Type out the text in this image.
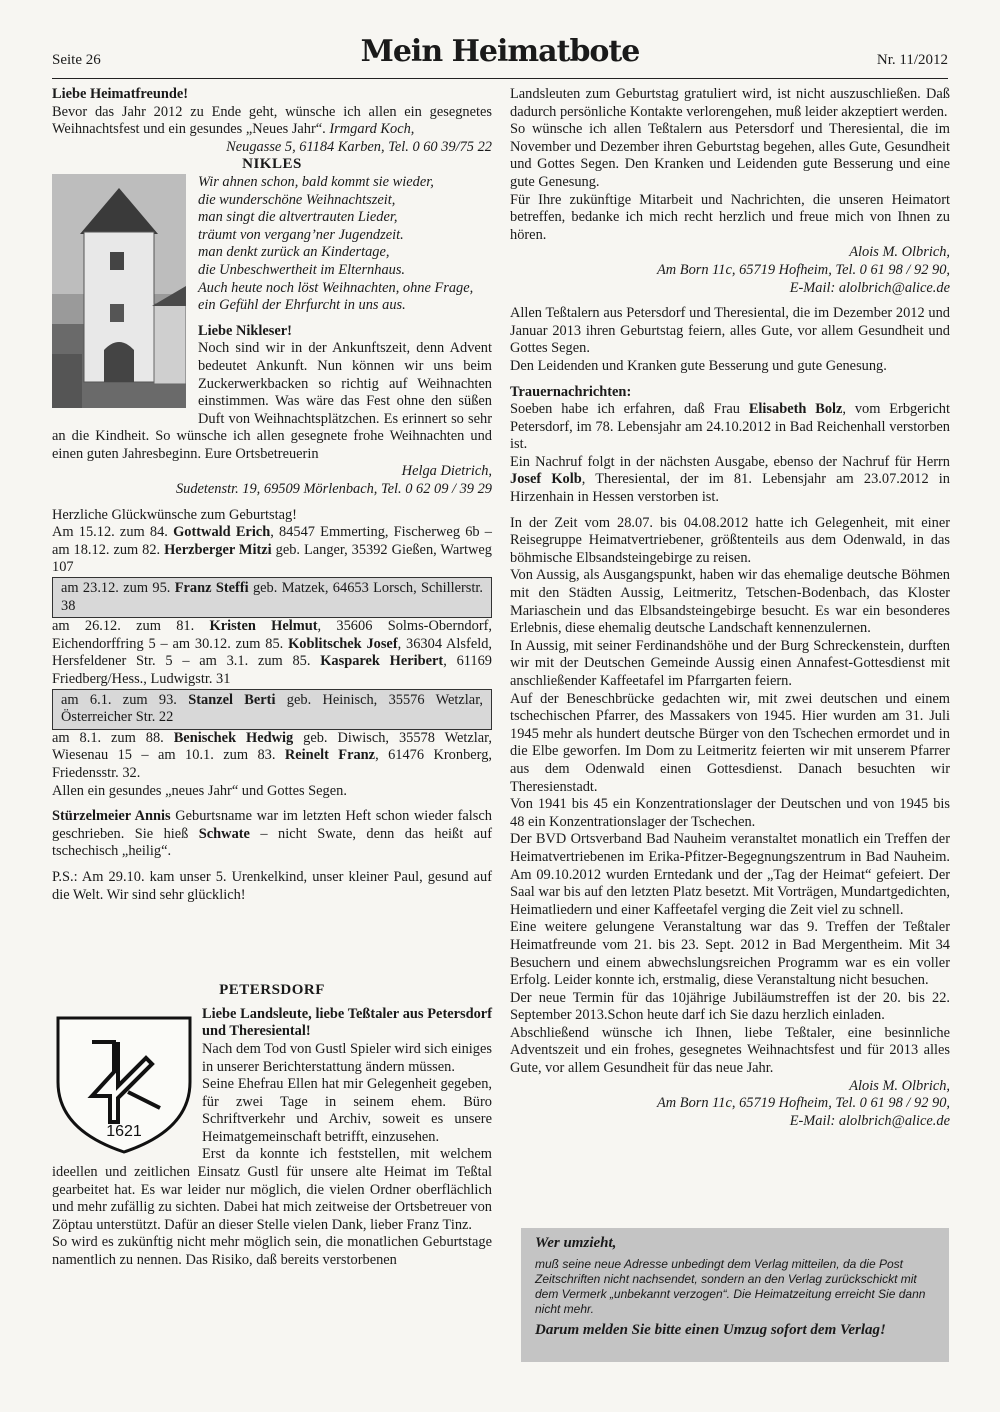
Seite 26	Mein Heimatbote	Nr. 11/2012

Liebe Heimatfreunde!

Bevor das Jahr 2012 zu Ende geht, wünsche ich allen ein gesegnetes Weihnachtsfest und ein gesundes „Neues Jahr“. Irmgard Koch,

Neugasse 5, 61184 Karben, Tel. 0 60 39/75 22

NIKLES

Wir ahnen schon, bald kommt sie wieder,
die wunderschöne Weihnachtszeit,
man singt die altvertrauten Lieder,
träumt von vergang’ner Jugendzeit.
man denkt zurück an Kindertage,
die Unbeschwertheit im Elternhaus.
Auch heute noch löst Weihnachten, ohne Frage,
ein Gefühl der Ehrfurcht in uns aus.

Liebe Nikleser!

Noch sind wir in der Ankunftszeit, denn Advent bedeutet Ankunft. Nun können wir uns beim Zuckerwerkbacken so richtig auf Weihnachten einstimmen. Was wäre das Fest ohne den süßen Duft von Weihnachtsplätzchen. Es erinnert so sehr an die Kindheit. So wünsche ich allen gesegnete frohe Weihnachten und einen guten Jahresbeginn. Eure Ortsbetreuerin

Helga Dietrich,

Sudetenstr. 19, 69509 Mörlenbach, Tel. 0 62 09 / 39 29

Herzliche Glückwünsche zum Geburtstag!

Am 15.12. zum 84. Gottwald Erich, 84547 Emmerting, Fischerweg 6b – am 18.12. zum 82. Herzberger Mitzi geb. Langer, 35392 Gießen, Wartweg 107

am 23.12. zum 95. Franz Steffi geb. Matzek, 64653 Lorsch, Schillerstr. 38

am 26.12. zum 81. Kristen Helmut, 35606 Solms-Oberndorf, Eichendorffring 5 – am 30.12. zum 85. Koblitschek Josef, 36304 Alsfeld, Hersfeldener Str. 5 – am 3.1. zum 85. Kasparek Heribert, 61169 Friedberg/Hess., Ludwigstr. 31

am 6.1. zum 93. Stanzel Berti geb. Heinisch, 35576 Wetzlar, Österreicher Str. 22

am 8.1. zum 88. Benischek Hedwig geb. Diwisch, 35578 Wetzlar, Wiesenau 15 – am 10.1. zum 83. Reinelt Franz, 61476 Kronberg, Friedensstr. 32.

Allen ein gesundes „neues Jahr“ und Gottes Segen.

Stürzelmeier Annis Geburtsname war im letzten Heft schon wieder falsch geschrieben. Sie hieß Schwate – nicht Swate, denn das heißt auf tschechisch „heilig“.

P.S.: Am 29.10. kam unser 5. Urenkelkind, unser kleiner Paul, gesund auf die Welt. Wir sind sehr glücklich!

PETERSDORF

1621

Liebe Landsleute, liebe Teßtaler aus Petersdorf und Theresiental!

Nach dem Tod von Gustl Spieler wird sich einiges in unserer Berichterstattung ändern müssen.

Seine Ehefrau Ellen hat mir Gelegenheit gegeben, für zwei Tage in seinem ehem. Büro Schriftverkehr und Archiv, soweit es unsere Heimatgemeinschaft betrifft, einzusehen.

Erst da konnte ich feststellen, mit welchem ideellen und zeitlichen Einsatz Gustl für unsere alte Heimat im Teßtal gearbeitet hat. Es war leider nur möglich, die vielen Ordner oberflächlich und mehr zufällig zu sichten. Dabei hat mich zeitweise der Ortsbetreuer von Zöptau unterstützt. Dafür an dieser Stelle vielen Dank, lieber Franz Tinz.

So wird es zukünftig nicht mehr möglich sein, die monatlichen Geburtstage namentlich zu nennen. Das Risiko, daß bereits verstorbenen

Landsleuten zum Geburtstag gratuliert wird, ist nicht auszuschließen. Daß dadurch persönliche Kontakte verlorengehen, muß leider akzeptiert werden.

So wünsche ich allen Teßtalern aus Petersdorf und Theresiental, die im November und Dezember ihren Geburtstag begehen, alles Gute, Gesundheit und Gottes Segen. Den Kranken und Leidenden gute Besserung und eine gute Genesung.

Für Ihre zukünftige Mitarbeit und Nachrichten, die unseren Heimatort betreffen, bedanke ich mich recht herzlich und freue mich von Ihnen zu hören.

Alois M. Olbrich,

Am Born 11c, 65719 Hofheim, Tel. 0 61 98 / 92 90,

E-Mail: alolbrich@alice.de

Allen Teßtalern aus Petersdorf und Theresiental, die im Dezember 2012 und Januar 2013 ihren Geburtstag feiern, alles Gute, vor allem Gesundheit und Gottes Segen.

Den Leidenden und Kranken gute Besserung und gute Genesung.

Trauernachrichten:

Soeben habe ich erfahren, daß Frau Elisabeth Bolz, vom Erbgericht Petersdorf, im 78. Lebensjahr am 24.10.2012 in Bad Reichenhall verstorben ist.

Ein Nachruf folgt in der nächsten Ausgabe, ebenso der Nachruf für Herrn Josef Kolb, Theresiental, der im 81. Lebensjahr am 23.07.2012 in Hirzenhain in Hessen verstorben ist.

In der Zeit vom 28.07. bis 04.08.2012 hatte ich Gelegenheit, mit einer Reisegruppe Heimatvertriebener, größtenteils aus dem Odenwald, in das böhmische Elbsandsteingebirge zu reisen.

Von Aussig, als Ausgangspunkt, haben wir das ehemalige deutsche Böhmen mit den Städten Aussig, Leitmeritz, Tetschen-Bodenbach, das Kloster Mariaschein und das Elbsandsteingebirge besucht. Es war ein besonderes Erlebnis, diese ehemalig deutsche Landschaft kennenzulernen.

In Aussig, mit seiner Ferdinandshöhe und der Burg Schreckenstein, durften wir mit der Deutschen Gemeinde Aussig einen Annafest-Gottesdienst mit anschließender Kaffeetafel im Pfarrgarten feiern.

Auf der Beneschbrücke gedachten wir, mit zwei deutschen und einem tschechischen Pfarrer, des Massakers von 1945. Hier wurden am 31. Juli 1945 mehr als hundert deutsche Bürger von den Tschechen ermordet und in die Elbe geworfen. Im Dom zu Leitmeritz feierten wir mit unserem Pfarrer aus dem Odenwald einen Gottesdienst. Danach besuchten wir Theresienstadt.

Von 1941 bis 45 ein Konzentrationslager der Deutschen und von 1945 bis 48 ein Konzentrationslager der Tschechen.

Der BVD Ortsverband Bad Nauheim veranstaltet monatlich ein Treffen der Heimatvertriebenen im Erika-Pfitzer-Begegnungszentrum in Bad Nauheim. Am 09.10.2012 wurden Erntedank und der „Tag der Heimat“ gefeiert. Der Saal war bis auf den letzten Platz besetzt. Mit Vorträgen, Mundartgedichten, Heimatliedern und einer Kaffeetafel verging die Zeit viel zu schnell.

Eine weitere gelungene Veranstaltung war das 9. Treffen der Teßtaler Heimatfreunde vom 21. bis 23. Sept. 2012 in Bad Mergentheim. Mit 34 Besuchern und einem abwechslungsreichen Programm war es ein voller Erfolg. Leider konnte ich, erstmalig, diese Veranstaltung nicht besuchen.

Der neue Termin für das 10jährige Jubiläumstreffen ist der 20. bis 22. September 2013.Schon heute darf ich Sie dazu herzlich einladen.

Abschließend wünsche ich Ihnen, liebe Teßtaler, eine besinnliche Adventszeit und ein frohes, gesegnetes Weihnachtsfest und für 2013 alles Gute, vor allem Gesundheit für das neue Jahr.

Alois M. Olbrich,

Am Born 11c, 65719 Hofheim, Tel. 0 61 98 / 92 90,

E-Mail: alolbrich@alice.de

Wer umzieht,
muß seine neue Adresse unbedingt dem Verlag mitteilen, da die Post Zeitschriften nicht nachsendet, sondern an den Verlag zurückschickt mit dem Vermerk „unbekannt verzogen“. Die Heimatzeitung erreicht Sie dann nicht mehr.
Darum melden Sie bitte einen Umzug sofort dem Verlag!
